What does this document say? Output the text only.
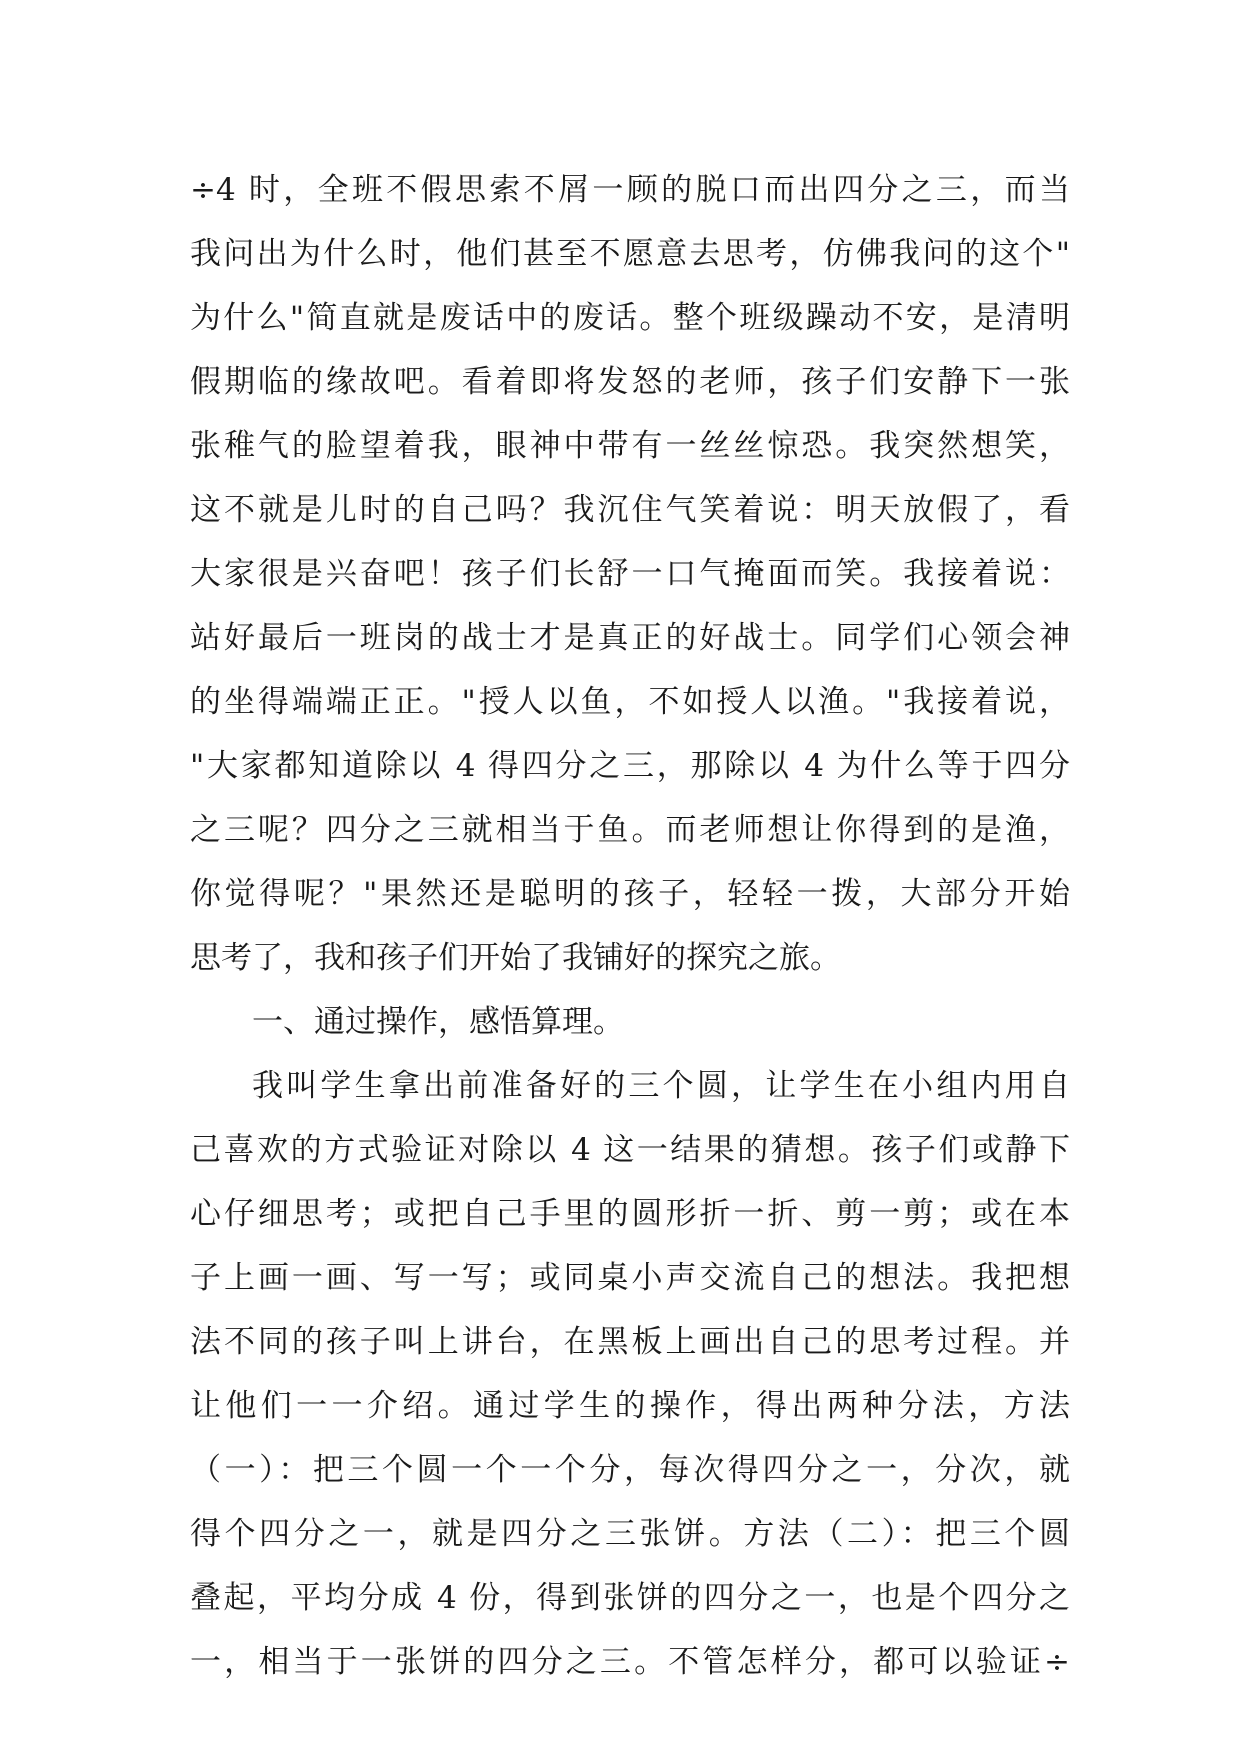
÷4 时，全班不假思索不屑一顾的脱口而出四分之三，而当
我问出为什么时，他们甚至不愿意去思考，仿佛我问的这个"
为什么"简直就是废话中的废话。整个班级躁动不安，是清明
假期临的缘故吧。看着即将发怒的老师，孩子们安静下一张
张稚气的脸望着我，眼神中带有一丝丝惊恐。我突然想笑，
这不就是儿时的自己吗？我沉住气笑着说：明天放假了，看
大家很是兴奋吧！孩子们长舒一口气掩面而笑。我接着说：
站好最后一班岗的战士才是真正的好战士。同学们心领会神
的坐得端端正正。"授人以鱼，不如授人以渔。"我接着说，
"大家都知道除以 4 得四分之三，那除以 4 为什么等于四分
之三呢？四分之三就相当于鱼。而老师想让你得到的是渔，
你觉得呢？"果然还是聪明的孩子，轻轻一拨，大部分开始
思考了，我和孩子们开始了我铺好的探究之旅。
一、通过操作，感悟算理。
我叫学生拿出前准备好的三个圆，让学生在小组内用自
己喜欢的方式验证对除以 4 这一结果的猜想。孩子们或静下
心仔细思考；或把自己手里的圆形折一折、剪一剪；或在本
子上画一画、写一写；或同桌小声交流自己的想法。我把想
法不同的孩子叫上讲台，在黑板上画出自己的思考过程。并
让他们一一介绍。通过学生的操作，得出两种分法，方法
（一）：把三个圆一个一个分，每次得四分之一，分次，就
得个四分之一，就是四分之三张饼。方法（二）：把三个圆
叠起，平均分成 4 份，得到张饼的四分之一，也是个四分之
一，相当于一张饼的四分之三。不管怎样分，都可以验证÷
